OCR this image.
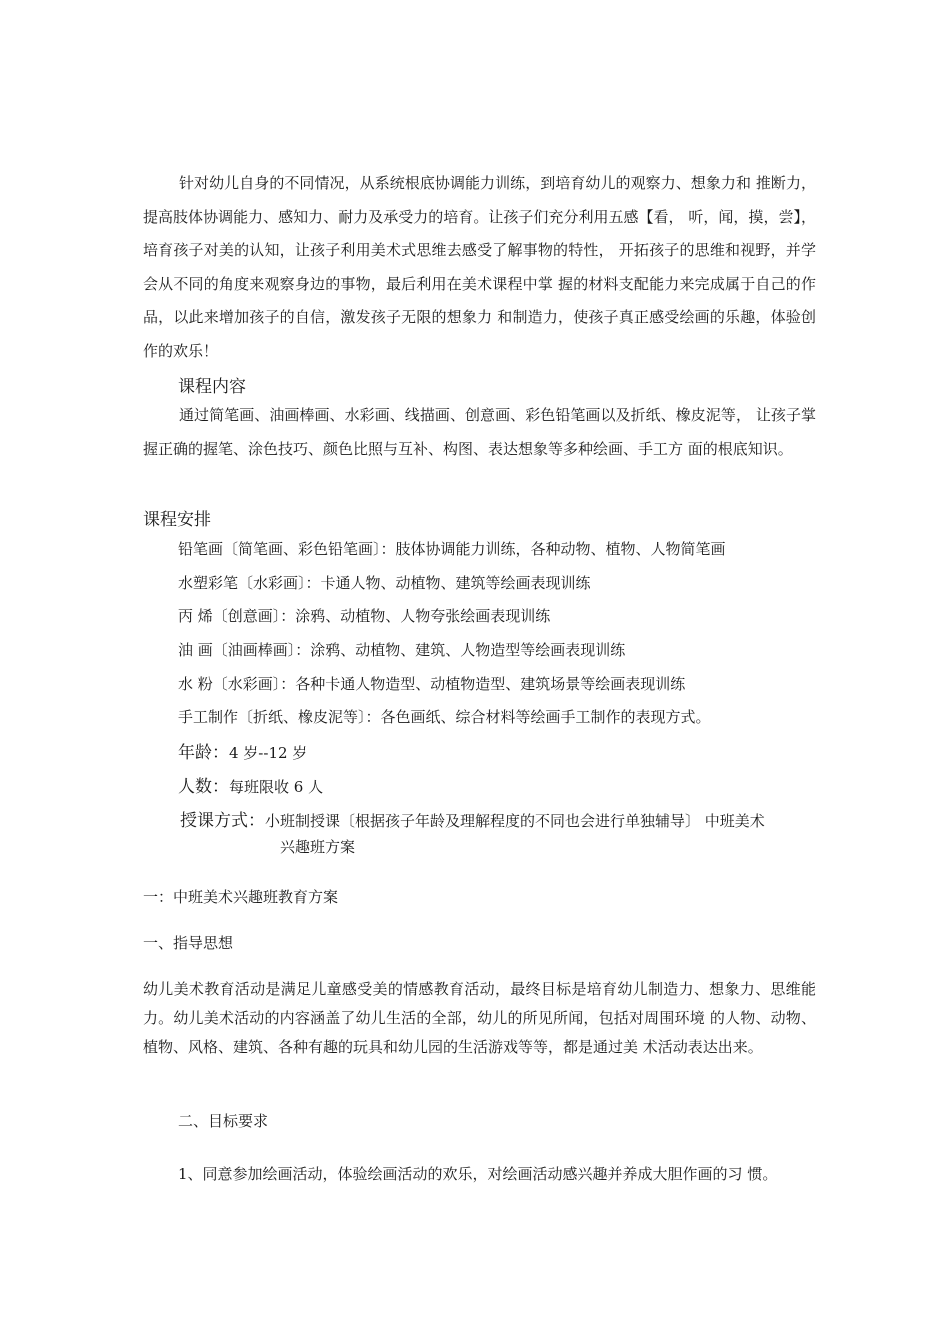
针对幼儿自身的不同情况，从系统根底协调能力训练，到培育幼儿的观察力、想象力和 推断力，提高肢体协调能力、感知力、耐力及承受力的培育。让孩子们充分利用五感【看， 听，闻，摸，尝】，培育孩子对美的认知，让孩子利用美术式思维去感受了解事物的特性， 开拓孩子的思维和视野，并学会从不同的角度来观察身边的事物，最后利用在美术课程中掌 握的材料支配能力来完成属于自己的作品，以此来增加孩子的自信，激发孩子无限的想象力 和制造力，使孩子真正感受绘画的乐趣，体验创作的欢乐！

课程内容

通过简笔画、油画棒画、水彩画、线描画、创意画、彩色铅笔画以及折纸、橡皮泥等， 让孩子掌握正确的握笔、涂色技巧、颜色比照与互补、构图、表达想象等多种绘画、手工方 面的根底知识。

课程安排

铅笔画〔简笔画、彩色铅笔画〕：肢体协调能力训练，各种动物、植物、人物简笔画

水塑彩笔〔水彩画〕：卡通人物、动植物、建筑等绘画表现训练

丙 烯〔创意画〕：涂鸦、动植物、人物夸张绘画表现训练

油 画〔油画棒画〕：涂鸦、动植物、建筑、人物造型等绘画表现训练

水 粉〔水彩画〕：各种卡通人物造型、动植物造型、建筑场景等绘画表现训练

手工制作〔折纸、橡皮泥等〕：各色画纸、综合材料等绘画手工制作的表现方式。

年龄：4 岁--12 岁

人数：每班限收 6 人

授课方式：小班制授课〔根据孩子年龄及理解程度的不同也会进行单独辅导〕 中班美术

兴趣班方案

一：中班美术兴趣班教育方案

一、指导思想

幼儿美术教育活动是满足儿童感受美的情感教育活动，最终目标是培育幼儿制造力、想象力、思维能力。幼儿美术活动的内容涵盖了幼儿生活的全部，幼儿的所见所闻，包括对周围环境 的人物、动物、植物、风格、建筑、各种有趣的玩具和幼儿园的生活游戏等等，都是通过美 术活动表达出来。

二、目标要求

1、同意参加绘画活动，体验绘画活动的欢乐，对绘画活动感兴趣并养成大胆作画的习 惯。
